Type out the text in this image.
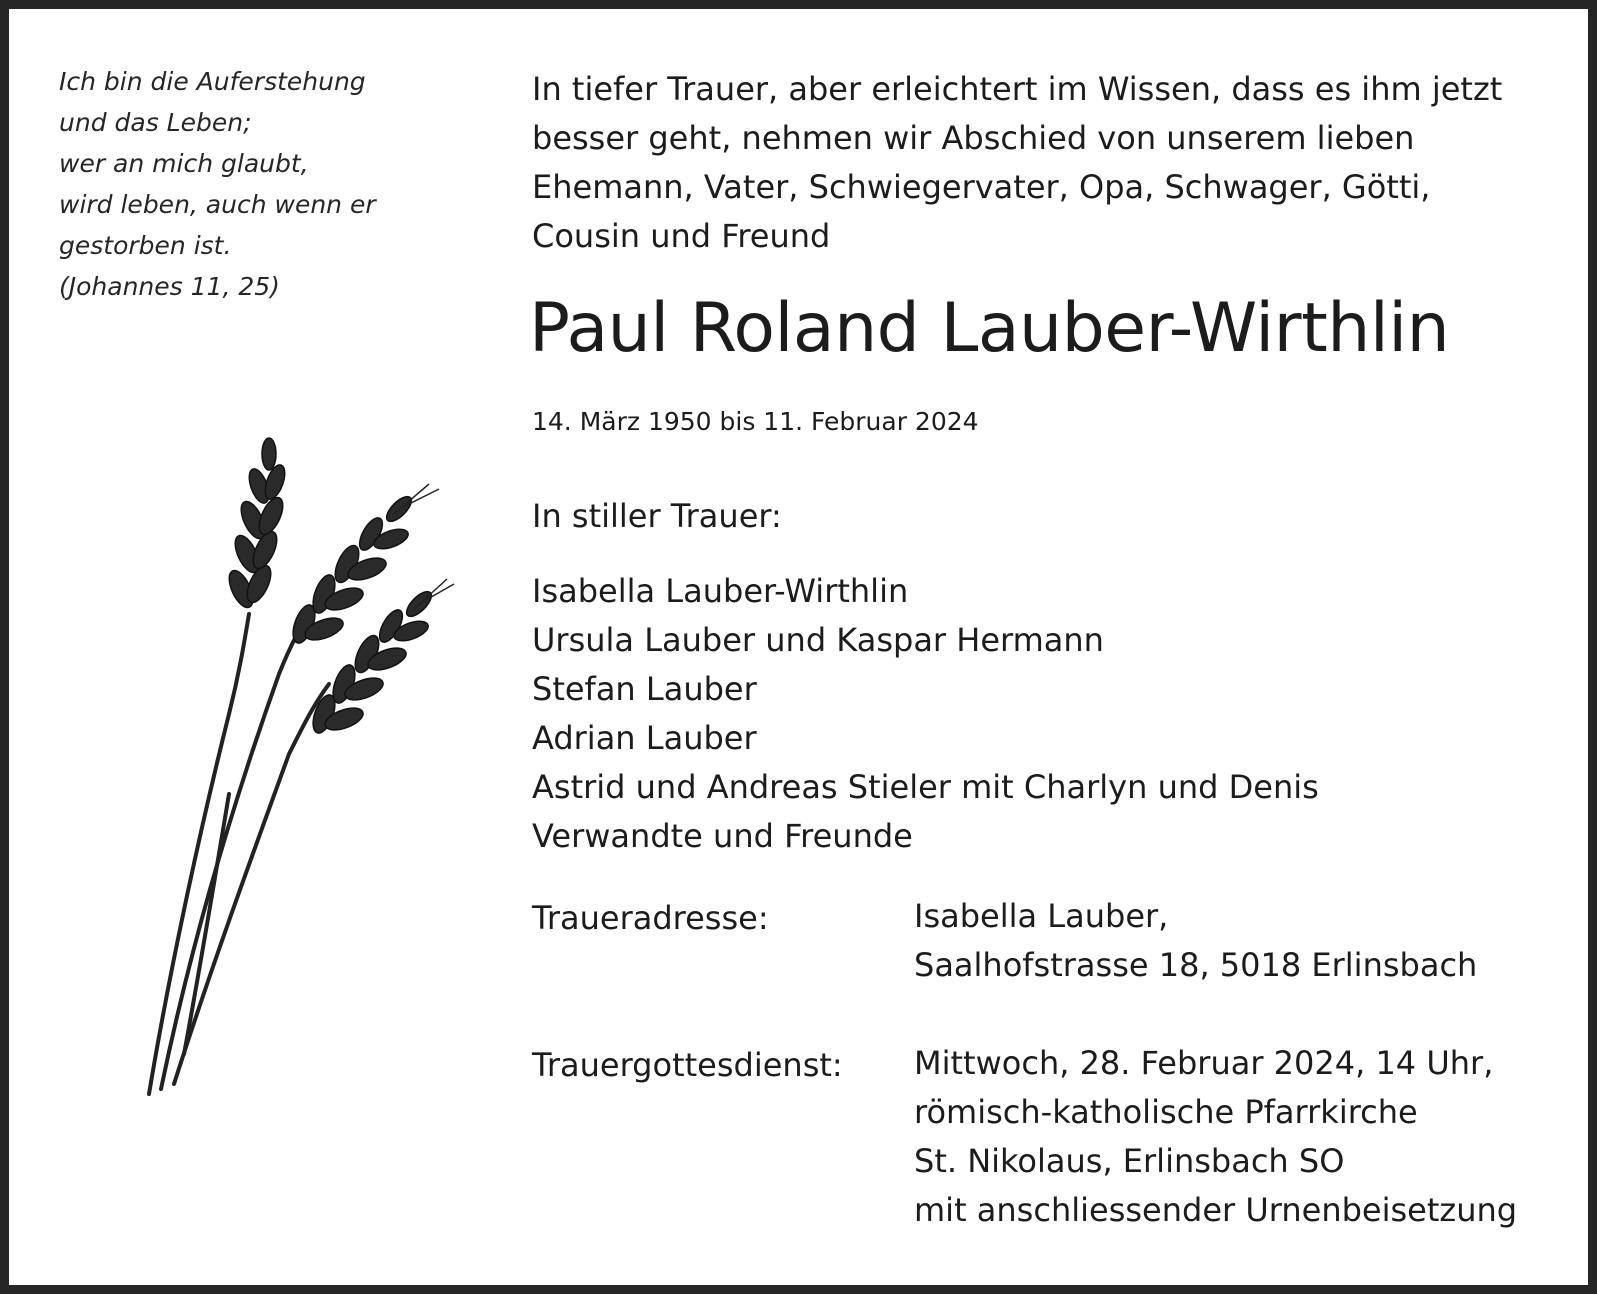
Ich bin die Auferstehung
und das Leben;
wer an mich glaubt,
wird leben, auch wenn er
gestorben ist.
(Johannes 11, 25)
In tiefer Trauer, aber erleichtert im Wissen, dass es ihm jetzt
besser geht, nehmen wir Abschied von unserem lieben
Ehemann, Vater, Schwiegervater, Opa, Schwager, Götti,
Cousin und Freund
Paul Roland Lauber-Wirthlin
14. März 1950 bis 11. Februar 2024
In stiller Trauer:
Isabella Lauber-Wirthlin
Ursula Lauber und Kaspar Hermann
Stefan Lauber
Adrian Lauber
Astrid und Andreas Stieler mit Charlyn und Denis
Verwandte und Freunde
Traueradresse:	Isabella Lauber,
Saalhofstrasse 18, 5018 Erlinsbach
Trauergottesdienst: Mittwoch, 28. Februar 2024, 14 Uhr,
römisch-katholische Pfarrkirche
St. Nikolaus, Erlinsbach SO
mit anschliessender Urnenbeisetzung
